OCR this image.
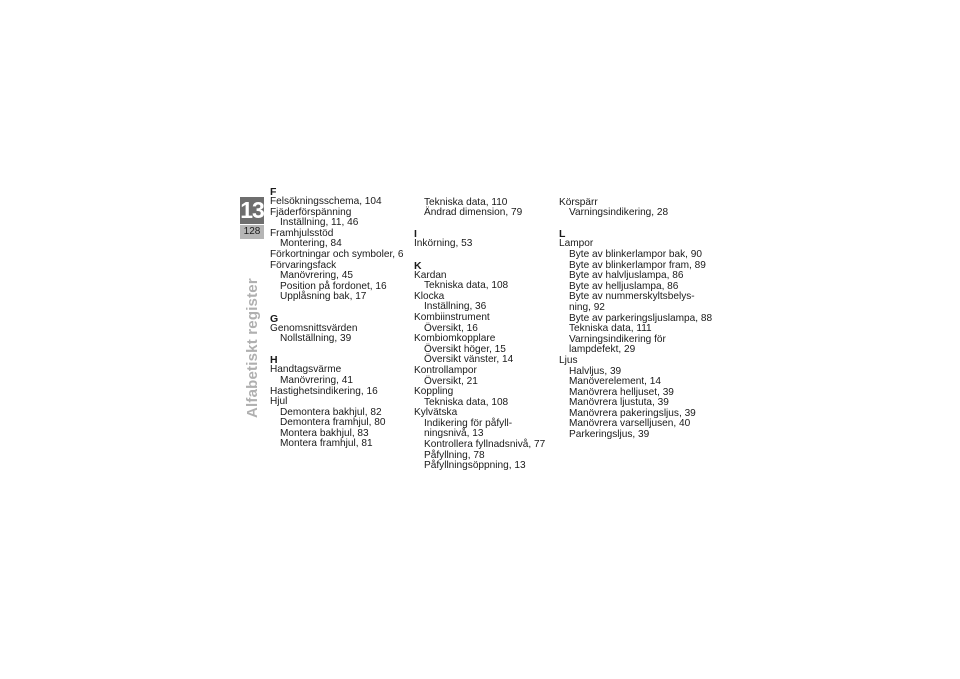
13
128
Alfabetiskt register
F
Felsökningsschema, 104
Fjäderförspänning
Inställning, 11, 46
Framhjulsstöd
Montering, 84
Förkortningar och symboler, 6
Förvaringsfack
Manövrering, 45
Position på fordonet, 16
Upplåsning bak, 17
G
Genomsnittsvärden
Nollställning, 39
H
Handtagsvärme
Manövrering, 41
Hastighetsindikering, 16
Hjul
Demontera bakhjul, 82
Demontera framhjul, 80
Montera bakhjul, 83
Montera framhjul, 81
Tekniska data, 110
Ändrad dimension, 79
I
Inkörning, 53
K
Kardan
Tekniska data, 108
Klocka
Inställning, 36
Kombiinstrument
Översikt, 16
Kombiomkopplare
Översikt höger, 15
Översikt vänster, 14
Kontrollampor
Översikt, 21
Koppling
Tekniska data, 108
Kylvätska
Indikering för påfyll-
ningsnivå, 13
Kontrollera fyllnadsnivå, 77
Påfyllning, 78
Påfyllningsöppning, 13
Körspärr
Varningsindikering, 28
L
Lampor
Byte av blinkerlampor bak, 90
Byte av blinkerlampor fram, 89
Byte av halvljuslampa, 86
Byte av helljuslampa, 86
Byte av nummerskyltsbelys-
ning, 92
Byte av parkeringsljuslampa, 88
Tekniska data, 111
Varningsindikering för
lampdefekt, 29
Ljus
Halvljus, 39
Manöverelement, 14
Manövrera helljuset, 39
Manövrera ljustuta, 39
Manövrera pakeringsljus, 39
Manövrera varselljusen, 40
Parkeringsljus, 39
